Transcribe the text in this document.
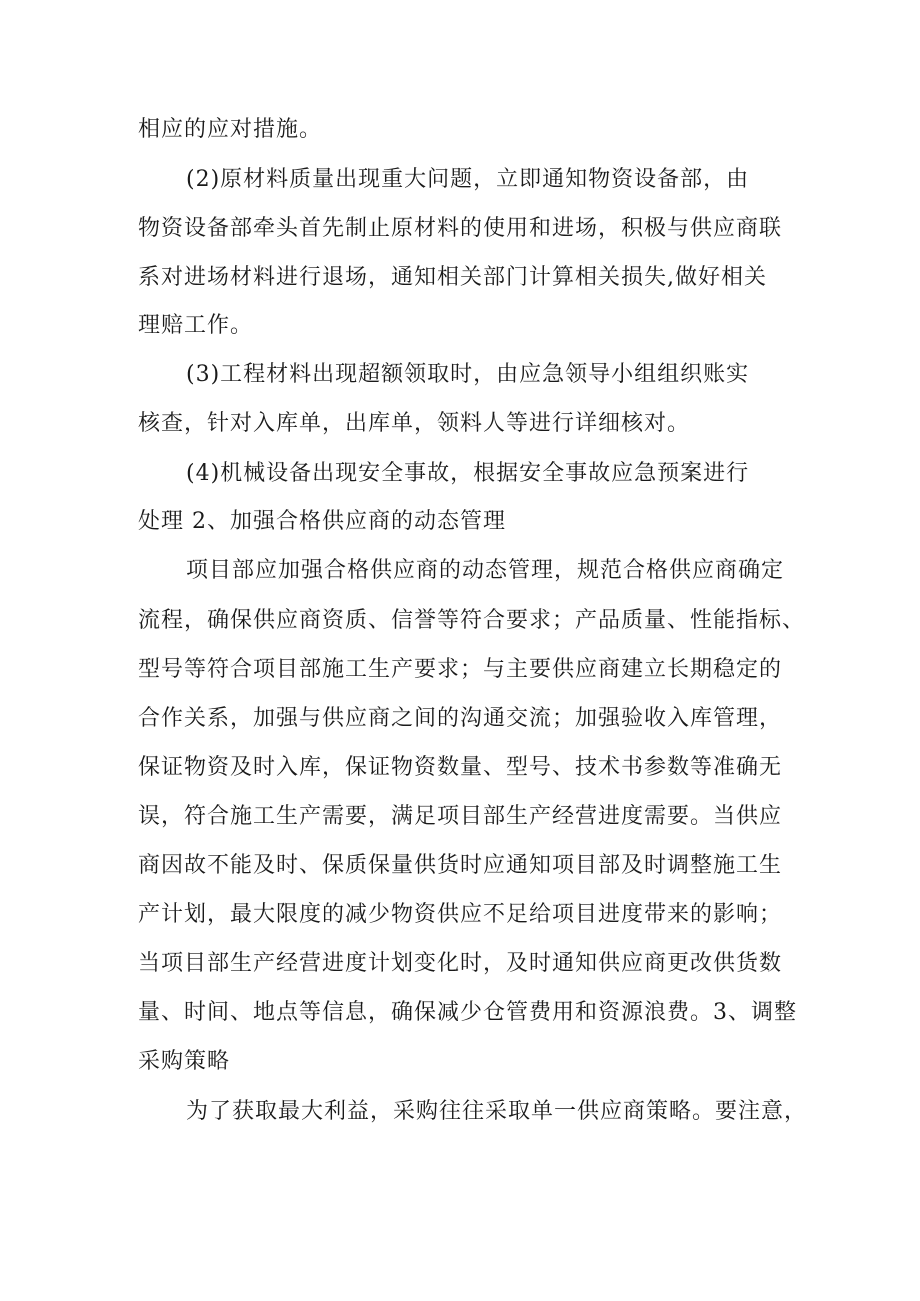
相应的应对措施。
(2)原材料质量出现重大问题，立即通知物资设备部，由
物资设备部牵头首先制止原材料的使用和进场，积极与供应商联
系对进场材料进行退场，通知相关部门计算相关损失,做好相关
理赔工作。
(3)工程材料出现超额领取时，由应急领导小组组织账实
核查，针对入库单，出库单，领料人等进行详细核对。
(4)机械设备出现安全事故，根据安全事故应急预案进行
处理 2、加强合格供应商的动态管理
项目部应加强合格供应商的动态管理，规范合格供应商确定
流程，确保供应商资质、信誉等符合要求；产品质量、性能指标、
型号等符合项目部施工生产要求；与主要供应商建立长期稳定的
合作关系，加强与供应商之间的沟通交流；加强验收入库管理，
保证物资及时入库，保证物资数量、型号、技术书参数等准确无
误，符合施工生产需要，满足项目部生产经营进度需要。当供应
商因故不能及时、保质保量供货时应通知项目部及时调整施工生
产计划，最大限度的减少物资供应不足给项目进度带来的影响；
当项目部生产经营进度计划变化时，及时通知供应商更改供货数
量、时间、地点等信息，确保减少仓管费用和资源浪费。3、调整
采购策略
为了获取最大利益，采购往往采取单一供应商策略。要注意，
